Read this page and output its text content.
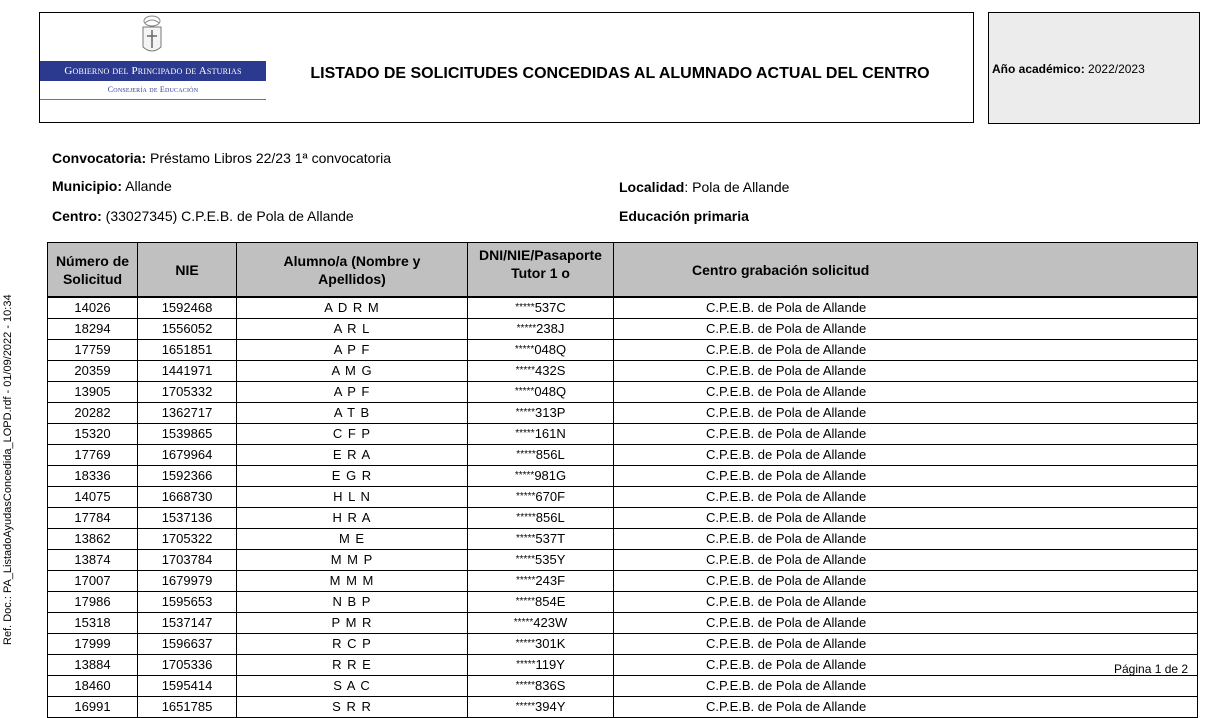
Gobierno del Principado de Asturias
Consejería de Educación
LISTADO DE SOLICITUDES CONCEDIDAS AL ALUMNADO ACTUAL DEL CENTRO	Año académico: 2022/2023
Convocatoria: Préstamo Libros 22/23 1ª convocatoria
Municipio: Allande	Localidad: Pola de Allande
Centro: (33027345) C.P.E.B. de Pola de Allande	Educación primaria
Ref. Doc.: PA_ListadoAyudasConcedida_LOPD.rdf - 01/09/2022 - 10:34
Número de Solicitud	NIE	Alumno/a (Nombre y Apellidos)	DNI/NIE/Pasaporte Tutor 1 o	Centro grabación solicitud
14026	1592468	A D R M	*****537C	C.P.E.B. de Pola de Allande
18294	1556052	A R L	*****238J	C.P.E.B. de Pola de Allande
17759	1651851	A P F	*****048Q	C.P.E.B. de Pola de Allande
20359	1441971	A M G	*****432S	C.P.E.B. de Pola de Allande
13905	1705332	A P F	*****048Q	C.P.E.B. de Pola de Allande
20282	1362717	A T B	*****313P	C.P.E.B. de Pola de Allande
15320	1539865	C F P	*****161N	C.P.E.B. de Pola de Allande
17769	1679964	E R A	*****856L	C.P.E.B. de Pola de Allande
18336	1592366	E G R	*****981G	C.P.E.B. de Pola de Allande
14075	1668730	H L N	*****670F	C.P.E.B. de Pola de Allande
17784	1537136	H R A	*****856L	C.P.E.B. de Pola de Allande
13862	1705322	M E	*****537T	C.P.E.B. de Pola de Allande
13874	1703784	M M P	*****535Y	C.P.E.B. de Pola de Allande
17007	1679979	M M M	*****243F	C.P.E.B. de Pola de Allande
17986	1595653	N B P	*****854E	C.P.E.B. de Pola de Allande
15318	1537147	P M R	*****423W	C.P.E.B. de Pola de Allande
17999	1596637	R C P	*****301K	C.P.E.B. de Pola de Allande
13884	1705336	R R E	*****119Y	C.P.E.B. de Pola de Allande
18460	1595414	S A C	*****836S	C.P.E.B. de Pola de Allande
16991	1651785	S R R	*****394Y	C.P.E.B. de Pola de Allande
Página 1 de 2
